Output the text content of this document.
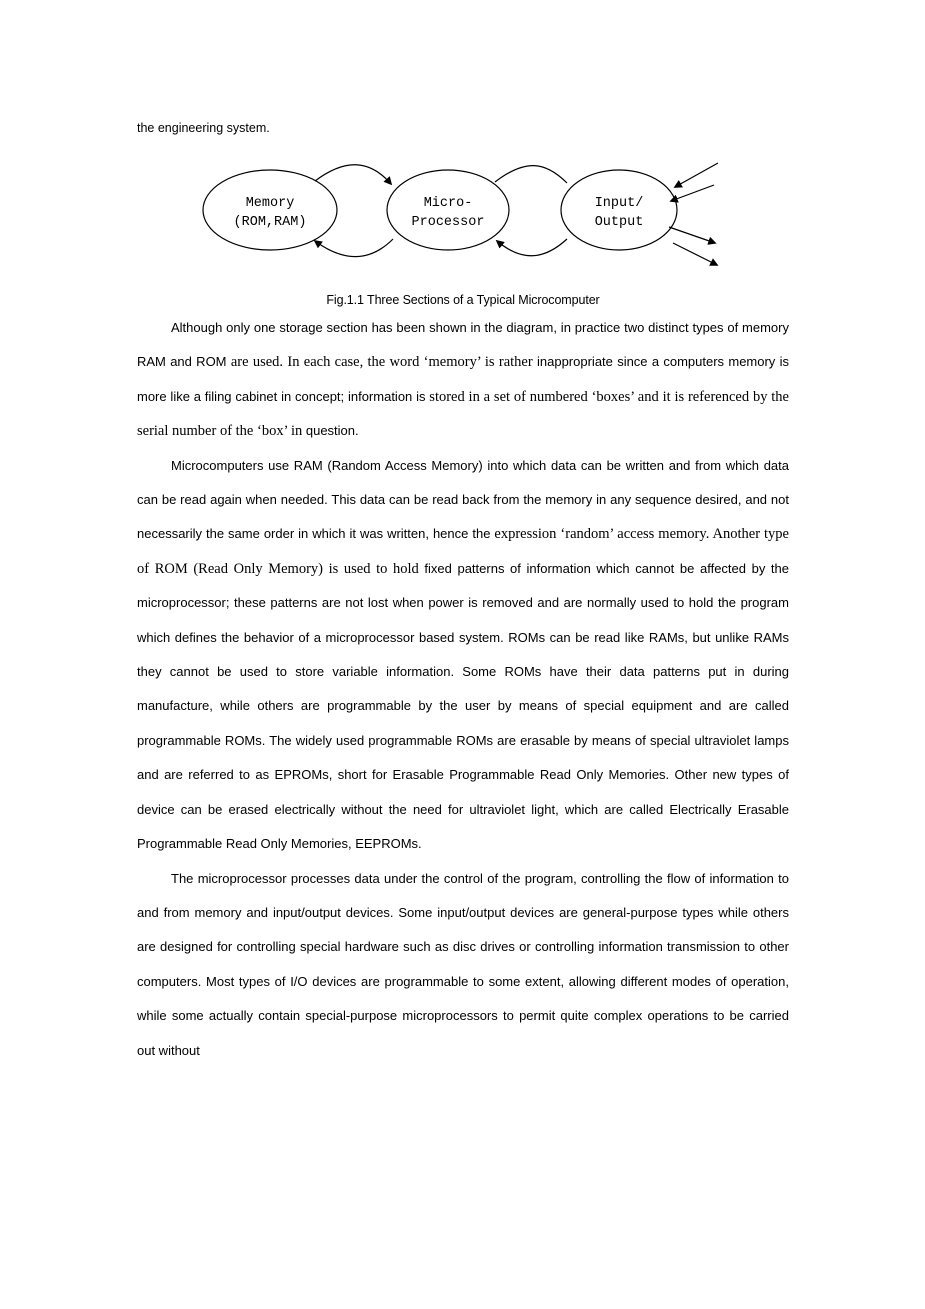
the engineering system.
Memory
(ROM,RAM)
Micro-
Processor
Input/
Output
Fig.1.1 Three Sections of a Typical Microcomputer

Although only one storage section has been shown in the diagram, in practice two distinct types of memory RAM and ROM are used. In each case, the word ‘memory’ is rather inappropriate since a computers memory is more like a filing cabinet in concept; information is stored in a set of numbered ‘boxes’ and it is referenced by the serial number of the ‘box’ in question.

Microcomputers use RAM (Random Access Memory) into which data can be written and from which data can be read again when needed. This data can be read back from the memory in any sequence desired, and not necessarily the same order in which it was written, hence the expression ‘random’ access memory. Another type of ROM (Read Only Memory) is used to hold fixed patterns of information which cannot be affected by the microprocessor; these patterns are not lost when power is removed and are normally used to hold the program which defines the behavior of a microprocessor based system. ROMs can be read like RAMs, but unlike RAMs they cannot be used to store variable information. Some ROMs have their data patterns put in during manufacture, while others are programmable by the user by means of special equipment and are called programmable ROMs. The widely used programmable ROMs are erasable by means of special ultraviolet lamps and are referred to as EPROMs, short for Erasable Programmable Read Only Memories. Other new types of device can be erased electrically without the need for ultraviolet light, which are called Electrically Erasable Programmable Read Only Memories, EEPROMs.

The microprocessor processes data under the control of the program, controlling the flow of information to and from memory and input/output devices. Some input/output devices are general-purpose types while others are designed for controlling special hardware such as disc drives or controlling information transmission to other computers. Most types of I/O devices are programmable to some extent, allowing different modes of operation, while some actually contain special-purpose microprocessors to permit quite complex operations to be carried out without
